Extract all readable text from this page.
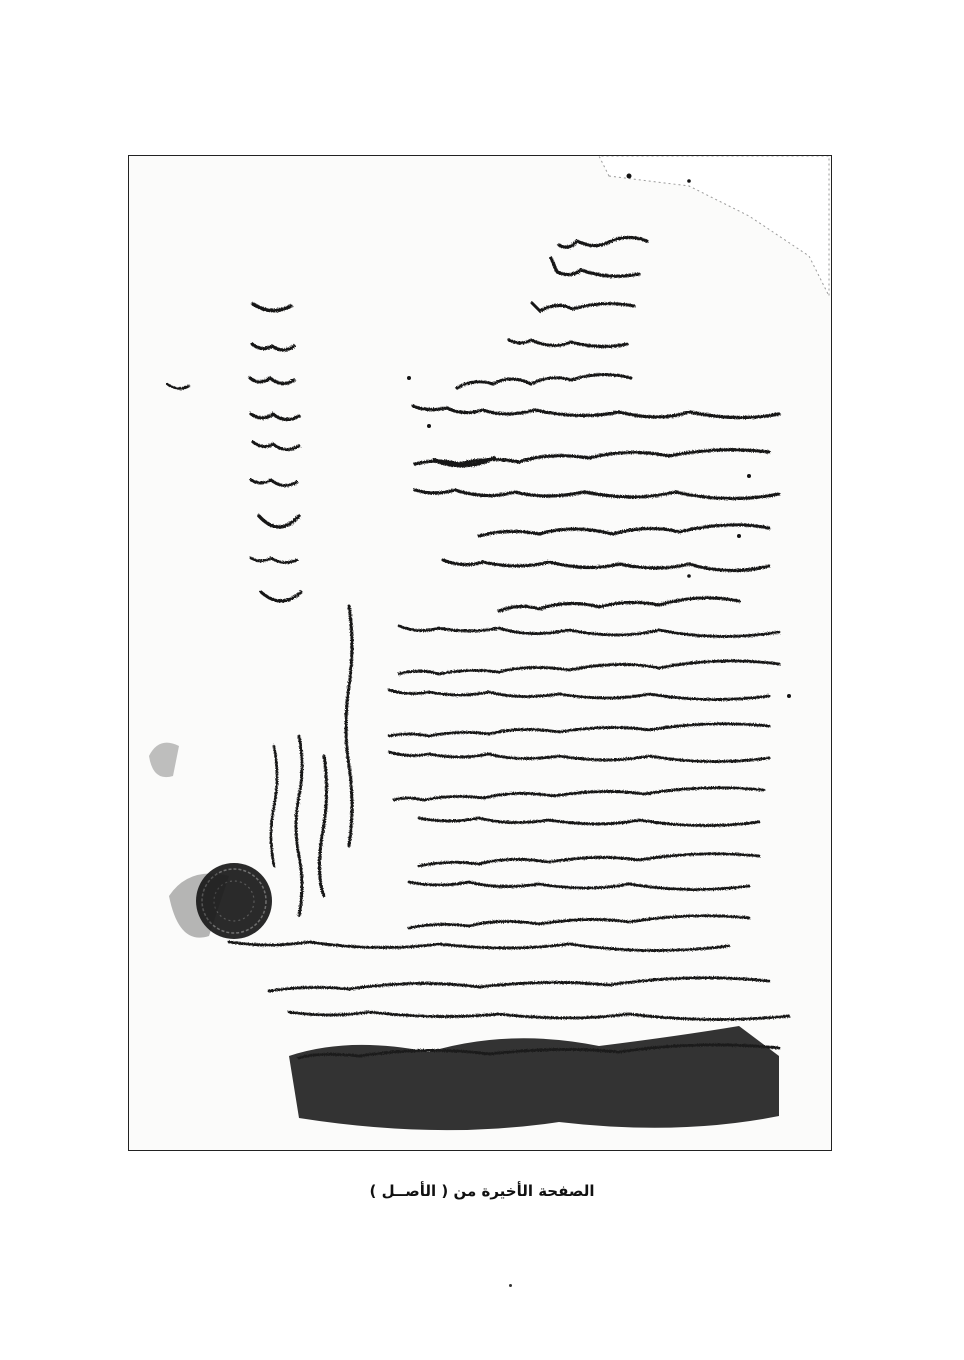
الصفحة الأخيرة من ( الأصــل )
